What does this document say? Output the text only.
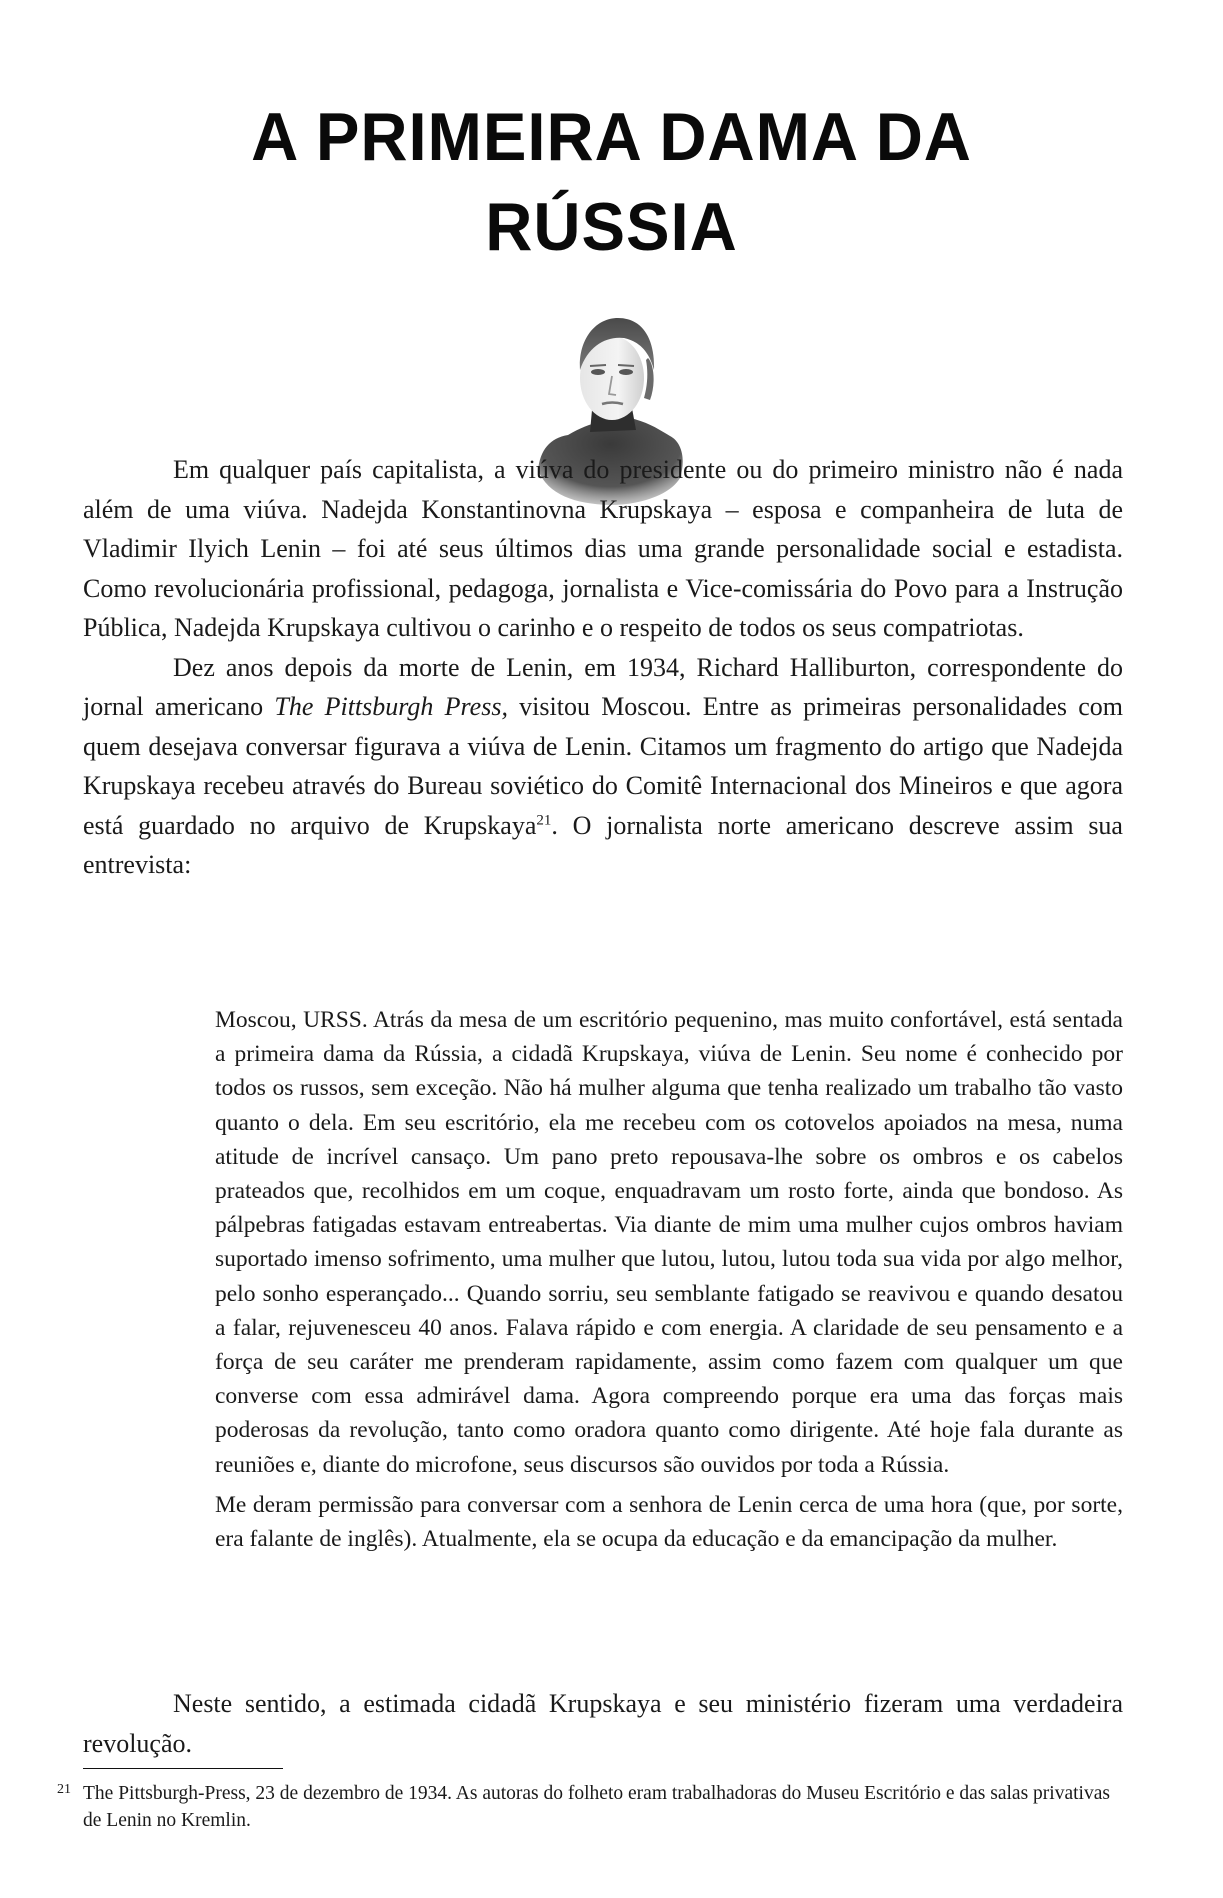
A PRIMEIRA DAMA DA
RÚSSIA

Em qualquer país capitalista, a viúva do presidente ou do primeiro ministro não é nada além de uma viúva. Nadejda Konstantinovna Krupskaya – esposa e companheira de luta de Vladimir Ilyich Lenin – foi até seus últimos dias uma grande personalidade social e estadista. Como revolucionária profissional, pedagoga, jornalista e Vice-comissária do Povo para a Instrução Pública, Nadejda Krupskaya cultivou o carinho e o respeito de todos os seus compatriotas.

Dez anos depois da morte de Lenin, em 1934, Richard Halliburton, correspondente do jornal americano The Pittsburgh Press, visitou Moscou. Entre as primeiras personalidades com quem desejava conversar figurava a viúva de Lenin. Citamos um fragmento do artigo que Nadejda Krupskaya recebeu através do Bureau soviético do Comitê Internacional dos Mineiros e que agora está guardado no arquivo de Krupskaya$^{21}$. O jornalista norte americano descreve assim sua entrevista:

Moscou, URSS. Atrás da mesa de um escritório pequenino, mas muito confortável, está sentada a primeira dama da Rússia, a cidadã Krupskaya, viúva de Lenin. Seu nome é conhecido por todos os russos, sem exceção. Não há mulher alguma que tenha realizado um trabalho tão vasto quanto o dela. Em seu escritório, ela me recebeu com os cotovelos apoiados na mesa, numa atitude de incrível cansaço. Um pano preto repousava-lhe sobre os ombros e os cabelos prateados que, recolhidos em um coque, enquadravam um rosto forte, ainda que bondoso. As pálpebras fatigadas estavam entreabertas. Via diante de mim uma mulher cujos ombros haviam suportado imenso sofrimento, uma mulher que lutou, lutou, lutou toda sua vida por algo melhor, pelo sonho esperançado... Quando sorriu, seu semblante fatigado se reavivou e quando desatou a falar, rejuvenesceu 40 anos. Falava rápido e com energia. A claridade de seu pensamento e a força de seu caráter me prenderam rapidamente, assim como fazem com qualquer um que converse com essa admirável dama. Agora compreendo porque era uma das forças mais poderosas da revolução, tanto como oradora quanto como dirigente. Até hoje fala durante as reuniões e, diante do microfone, seus discursos são ouvidos por toda a Rússia.

Me deram permissão para conversar com a senhora de Lenin cerca de uma hora (que, por sorte, era falante de inglês). Atualmente, ela se ocupa da educação e da emancipação da mulher.

Neste sentido, a estimada cidadã Krupskaya e seu ministério fizeram uma verdadeira revolução.

21 The Pittsburgh-Press, 23 de dezembro de 1934. As autoras do folheto eram trabalhadoras do Museu Escritório e das salas privativas de Lenin no Kremlin.
